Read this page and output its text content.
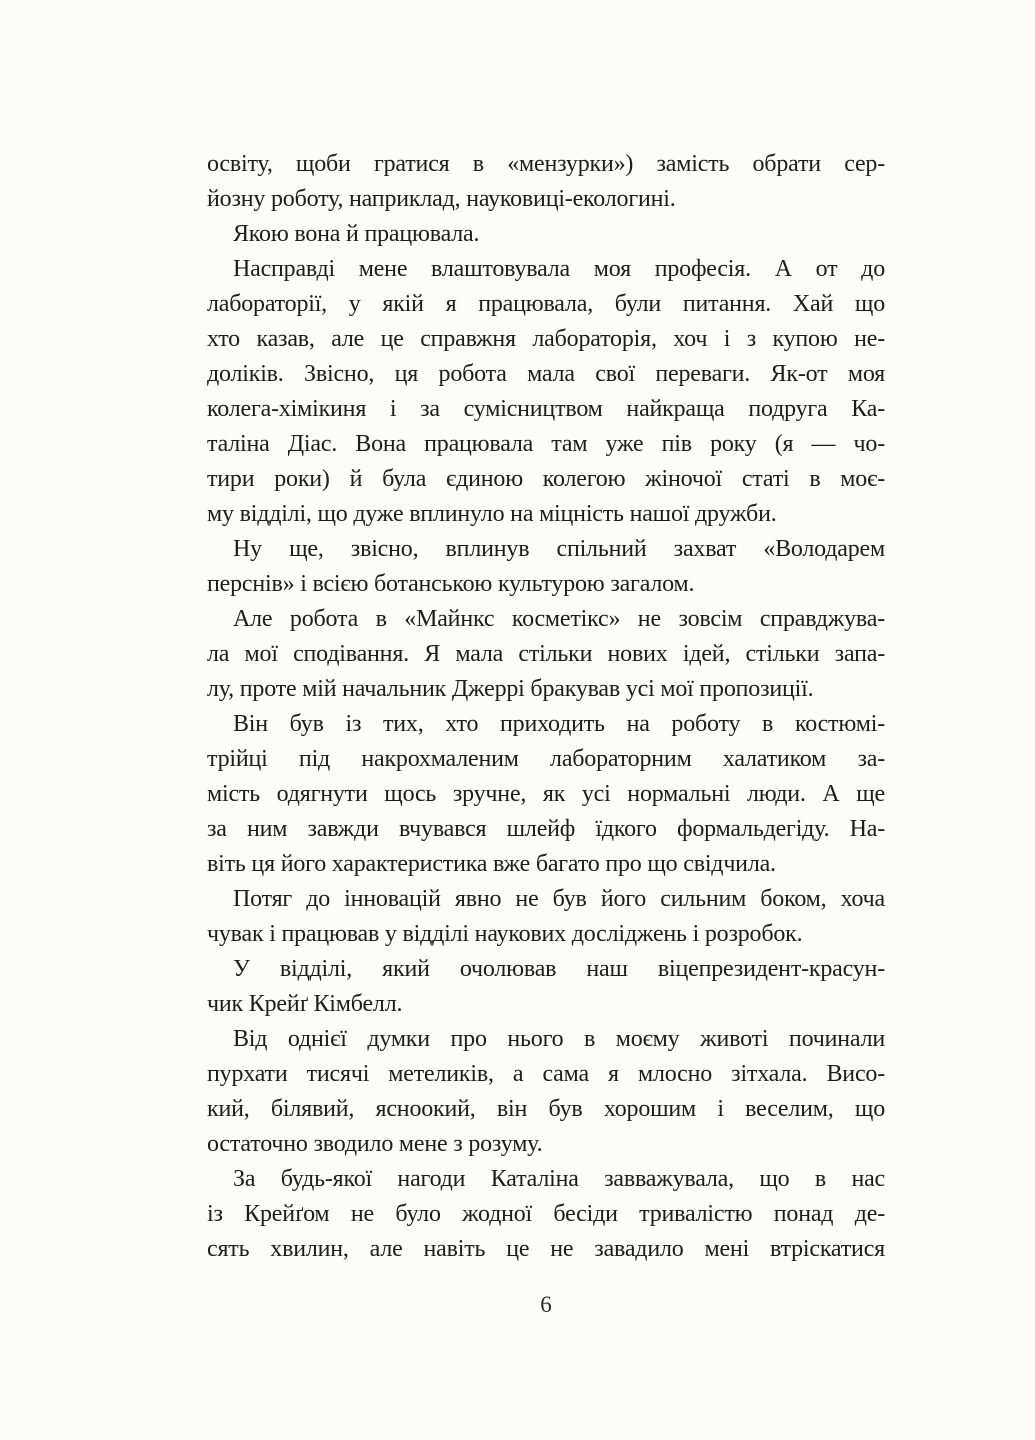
освіту, щоби гратися в «мензурки») замість обрати сер-
йозну роботу, наприклад, науковиці-екологині.
Якою вона й працювала.
Насправді мене влаштовувала моя професія. А от до
лабораторії, у якій я працювала, були питання. Хай що
хто казав, але це справжня лабораторія, хоч і з купою не-
доліків. Звісно, ця робота мала свої переваги. Як-от моя
колега-хімікиня і за сумісництвом найкраща подруга Ка-
таліна Діас. Вона працювала там уже пів року (я — чо-
тири роки) й була єдиною колегою жіночої статі в моє-
му відділі, що дуже вплинуло на міцність нашої дружби.
Ну ще, звісно, вплинув спільний захват «Володарем
перснів» і всією ботанською культурою загалом.
Але робота в «Майнкс косметікс» не зовсім справджува-
ла мої сподівання. Я мала стільки нових ідей, стільки запа-
лу, проте мій начальник Джеррі бракував усі мої пропозиції.
Він був із тих, хто приходить на роботу в костюмі-
трійці під накрохмаленим лабораторним халатиком за-
мість одягнути щось зручне, як усі нормальні люди. А ще
за ним завжди вчувався шлейф їдкого формальдегіду. На-
віть ця його характеристика вже багато про що свідчила.
Потяг до інновацій явно не був його сильним боком, хоча
чувак і працював у відділі наукових досліджень і розробок.
У відділі, який очолював наш віцепрезидент-красун-
чик Крейґ Кімбелл.
Від однієї думки про нього в моєму животі починали
пурхати тисячі метеликів, а сама я млосно зітхала. Висо-
кий, білявий, ясноокий, він був хорошим і веселим, що
остаточно зводило мене з розуму.
За будь-якої нагоди Каталіна завважувала, що в нас
із Крейґом не було жодної бесіди тривалістю понад де-
сять хвилин, але навіть це не завадило мені втріскатися
6
